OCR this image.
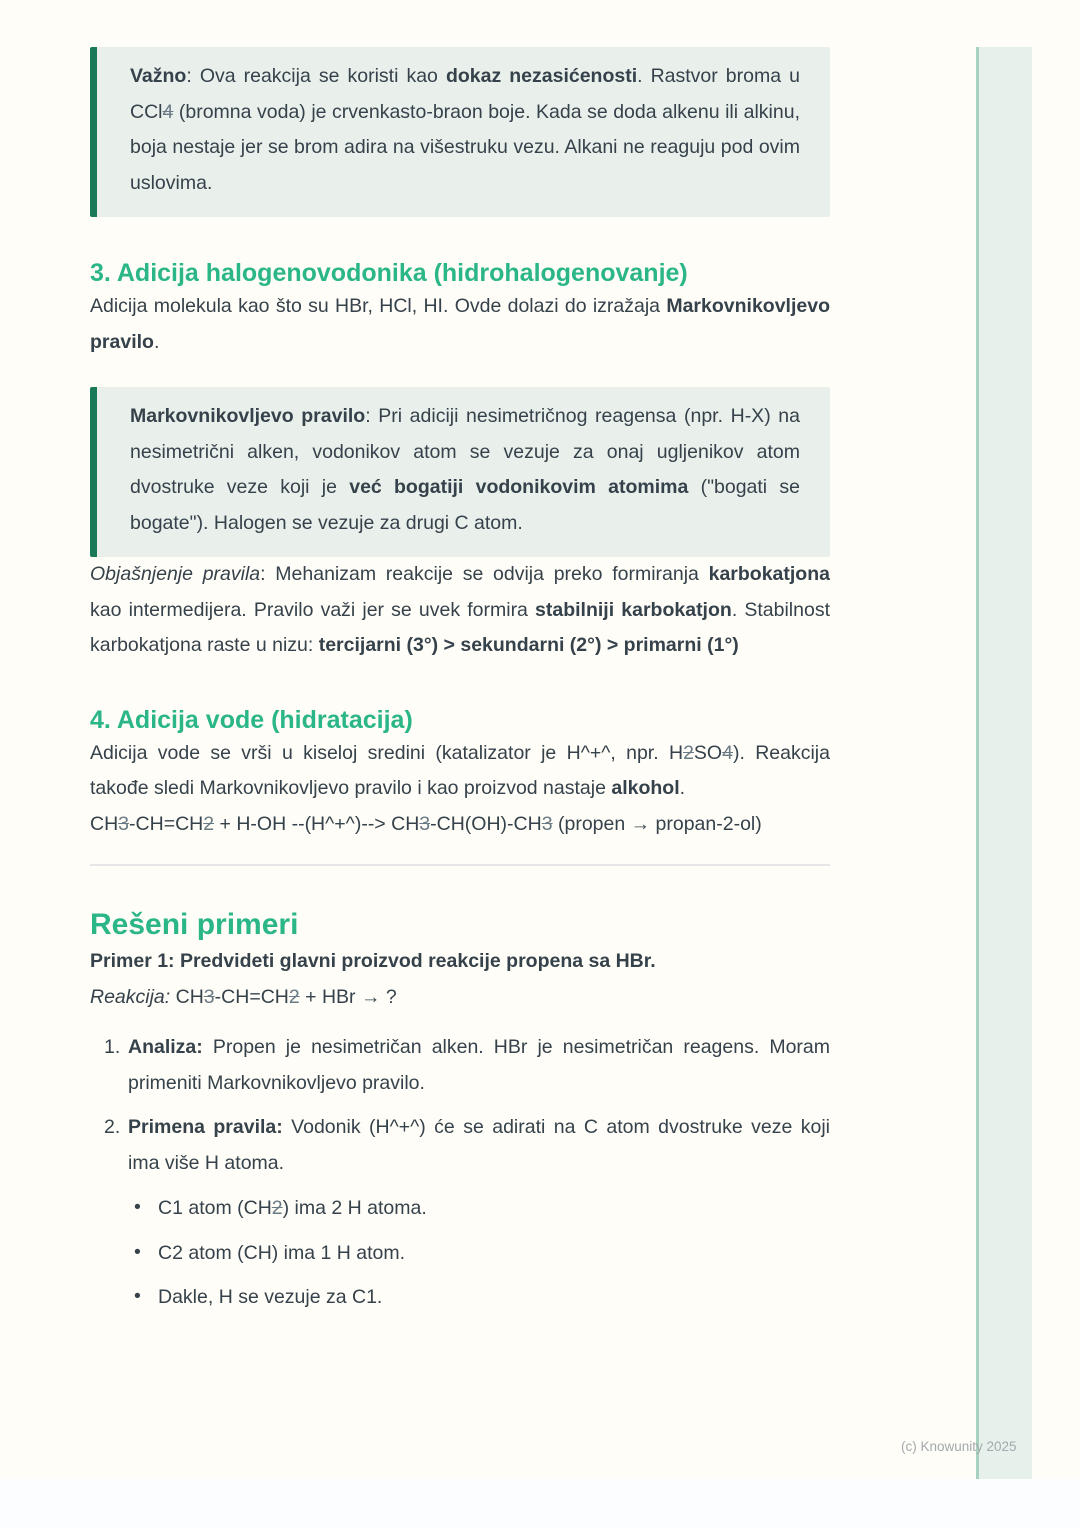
Važno: Ova reakcija se koristi kao dokaz nezasićenosti. Rastvor broma u CCl4 (bromna voda) je crvenkasto-braon boje. Kada se doda alkenu ili alkinu, boja nestaje jer se brom adira na višestruku vezu. Alkani ne reaguju pod ovim uslovima.

3. Adicija halogenovodonika (hidrohalogenovanje)

Adicija molekula kao što su HBr, HCl, HI. Ovde dolazi do izražaja Markovnikovljevo pravilo.

Markovnikovljevo pravilo: Pri adiciji nesimetričnog reagensa (npr. H-X) na nesimetrični alken, vodonikov atom se vezuje za onaj ugljenikov atom dvostruke veze koji je već bogatiji vodonikovim atomima ("bogati se bogate"). Halogen se vezuje za drugi C atom.

Objašnjenje pravila: Mehanizam reakcije se odvija preko formiranja karbokatjona kao intermedijera. Pravilo važi jer se uvek formira stabilniji karbokatjon. Stabilnost karbokatjona raste u nizu: tercijarni (3°) > sekundarni (2°) > primarni (1°)

4. Adicija vode (hidratacija)

Adicija vode se vrši u kiseloj sredini (katalizator je H^+^, npr. H2SO4). Reakcija takođe sledi Markovnikovljevo pravilo i kao proizvod nastaje alkohol.

CH3-CH=CH2 + H-OH --(H^+^)--> CH3-CH(OH)-CH3 (propen → propan-2-ol)

Rešeni primeri

Primer 1: Predvideti glavni proizvod reakcije propena sa HBr.

Reakcija: CH3-CH=CH2 + HBr → ?

1. Analiza: Propen je nesimetričan alken. HBr je nesimetričan reagens. Moram primeniti Markovnikovljevo pravilo.
2. Primena pravila: Vodonik (H^+^) će se adirati na C atom dvostruke veze koji ima više H atoma.
• C1 atom (CH2) ima 2 H atoma.
• C2 atom (CH) ima 1 H atom.
• Dakle, H se vezuje za C1.
(c) Knowunity 2025
